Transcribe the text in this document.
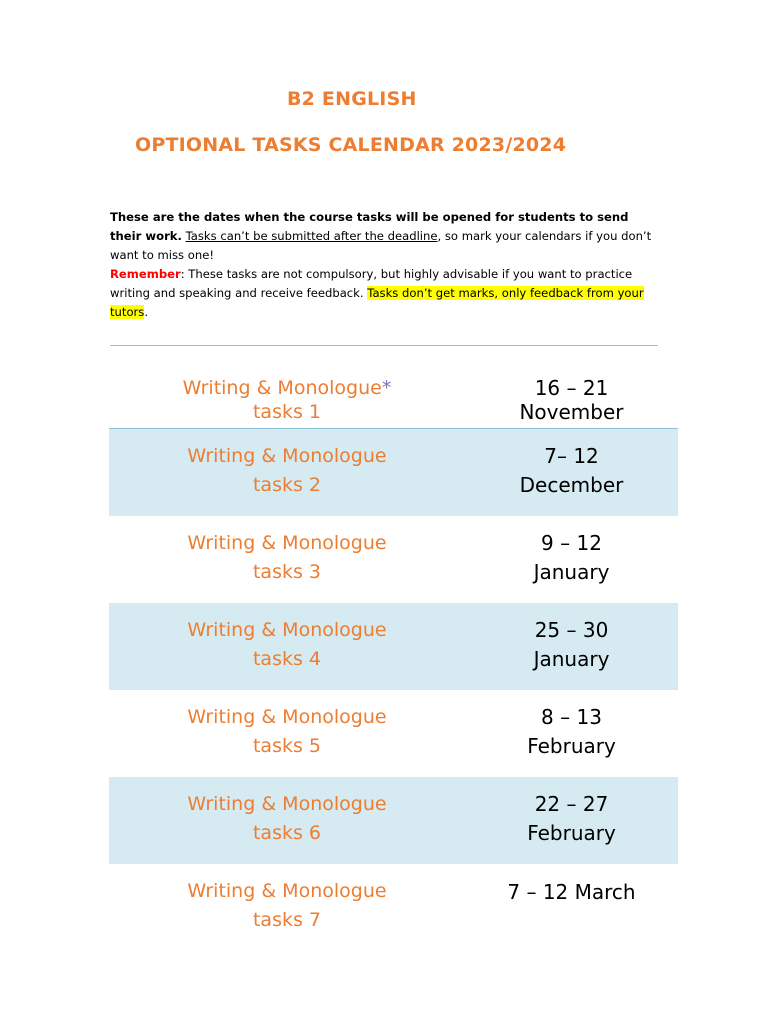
B2 ENGLISH
OPTIONAL TASKS CALENDAR 2023/2024

These are the dates when the course tasks will be opened for students to send their work. Tasks can’t be submitted after the deadline, so mark your calendars if you don’t want to miss one!

Remember: These tasks are not compulsory, but highly advisable if you want to practice writing and speaking and receive feedback. Tasks don’t get marks, only feedback from your tutors.

Writing & Monologue*
tasks 1
16 – 21
November
Writing & Monologue
tasks 2
7– 12
December
Writing & Monologue
tasks 3
9 – 12
January
Writing & Monologue
tasks 4
25 – 30
January
Writing & Monologue
tasks 5
8 – 13
February
Writing & Monologue
tasks 6
22 – 27
February
Writing & Monologue
tasks 7
7 – 12 March
